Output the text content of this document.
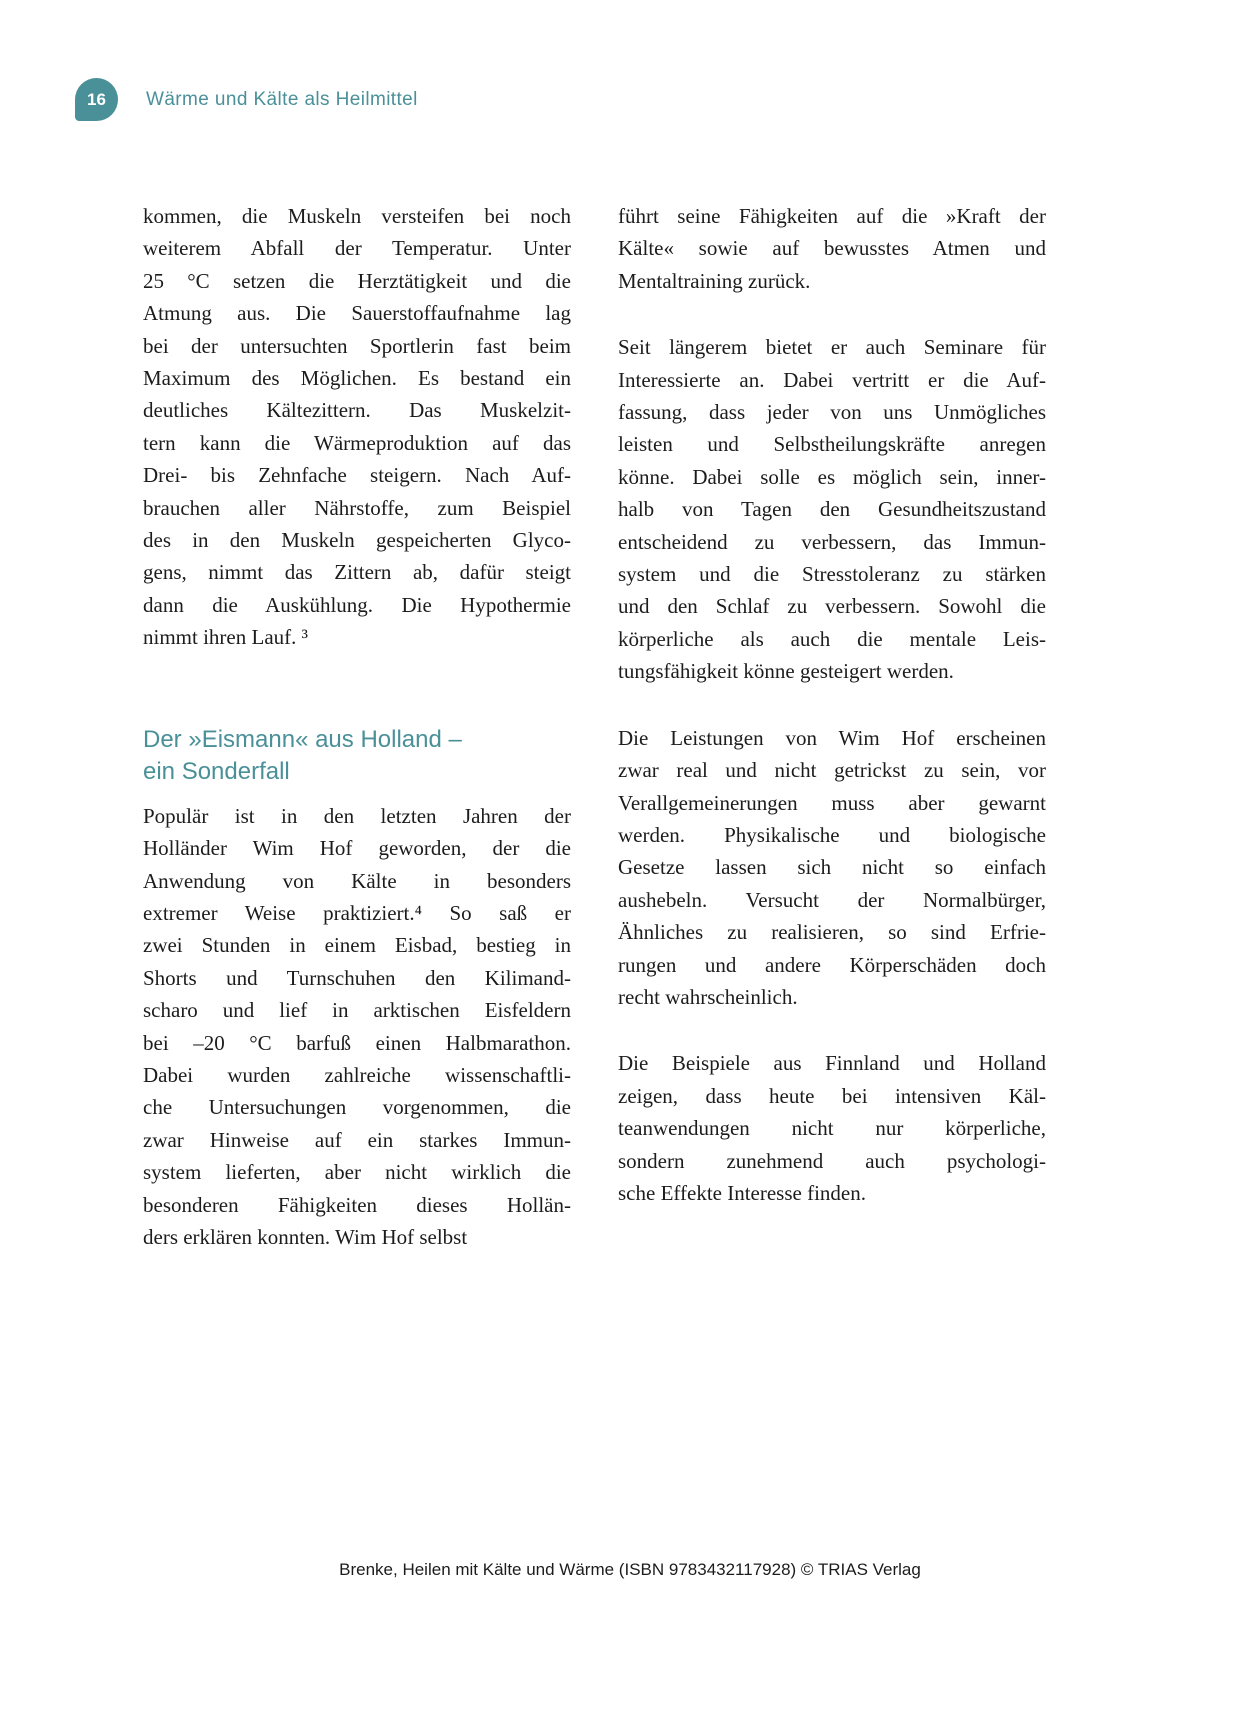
16	Wärme und Kälte als Heilmittel
kommen, die Muskeln versteifen bei noch
weiterem Abfall der Temperatur. Unter
25 °C setzen die Herztätigkeit und die
Atmung aus. Die Sauerstoffaufnahme lag
bei der untersuchten Sportlerin fast beim
Maximum des Möglichen. Es bestand ein
deutliches Kältezittern. Das Muskelzit-
tern kann die Wärmeproduktion auf das
Drei- bis Zehnfache steigern. Nach Auf-
brauchen aller Nährstoffe, zum Beispiel
des in den Muskeln gespeicherten Glyco-
gens, nimmt das Zittern ab, dafür steigt
dann die Auskühlung. Die Hypothermie
nimmt ihren Lauf. ³
Der »Eismann« aus Holland –
ein Sonderfall
Populär ist in den letzten Jahren der
Holländer Wim Hof geworden, der die
Anwendung von Kälte in besonders
extremer Weise praktiziert.⁴ So saß er
zwei Stunden in einem Eisbad, bestieg in
Shorts und Turnschuhen den Kilimand-
scharo und lief in arktischen Eisfeldern
bei –20 °C barfuß einen Halbmarathon.
Dabei wurden zahlreiche wissenschaftli-
che Untersuchungen vorgenommen, die
zwar Hinweise auf ein starkes Immun-
system lieferten, aber nicht wirklich die
besonderen Fähigkeiten dieses Hollän-
ders erklären konnten. Wim Hof selbst
führt seine Fähigkeiten auf die »Kraft der
Kälte« sowie auf bewusstes Atmen und
Mentaltraining zurück.
Seit längerem bietet er auch Seminare für
Interessierte an. Dabei vertritt er die Auf-
fassung, dass jeder von uns Unmögliches
leisten und Selbstheilungskräfte anregen
könne. Dabei solle es möglich sein, inner-
halb von Tagen den Gesundheitszustand
entscheidend zu verbessern, das Immun-
system und die Stresstoleranz zu stärken
und den Schlaf zu verbessern. Sowohl die
körperliche als auch die mentale Leis-
tungsfähigkeit könne gesteigert werden.
Die Leistungen von Wim Hof erscheinen
zwar real und nicht getrickst zu sein, vor
Verallgemeinerungen muss aber gewarnt
werden. Physikalische und biologische
Gesetze lassen sich nicht so einfach
aushebeln. Versucht der Normalbürger,
Ähnliches zu realisieren, so sind Erfrie-
rungen und andere Körperschäden doch
recht wahrscheinlich.
Die Beispiele aus Finnland und Holland
zeigen, dass heute bei intensiven Käl-
teanwendungen nicht nur körperliche,
sondern zunehmend auch psychologi-
sche Effekte Interesse finden.
Brenke, Heilen mit Kälte und Wärme (ISBN 9783432117928) © TRIAS Verlag
